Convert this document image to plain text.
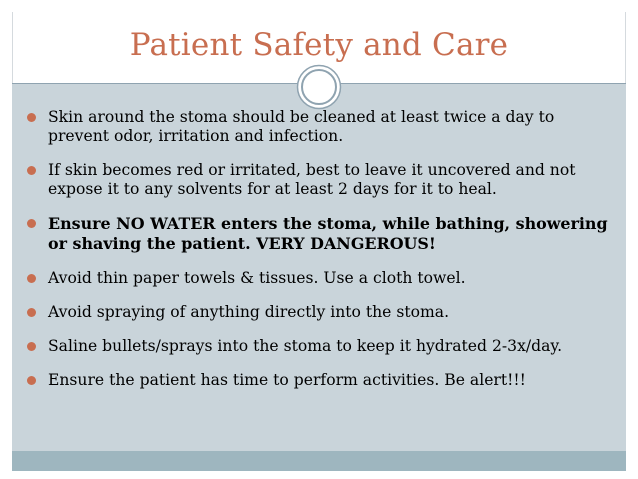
Patient Safety and Care
Skin around the stoma should be cleaned at least twice a day to prevent odor, irritation and infection.
If skin becomes red or irritated, best to leave it uncovered and not expose it to any solvents for at least 2 days for it to heal.
Ensure NO WATER enters the stoma, while bathing, showering or shaving the patient. VERY DANGEROUS!
Avoid thin paper towels & tissues. Use a cloth towel.
Avoid spraying of anything directly into the stoma.
Saline bullets/sprays into the stoma to keep it hydrated 2-3x/day.
Ensure the patient has time to perform activities. Be alert!!!
